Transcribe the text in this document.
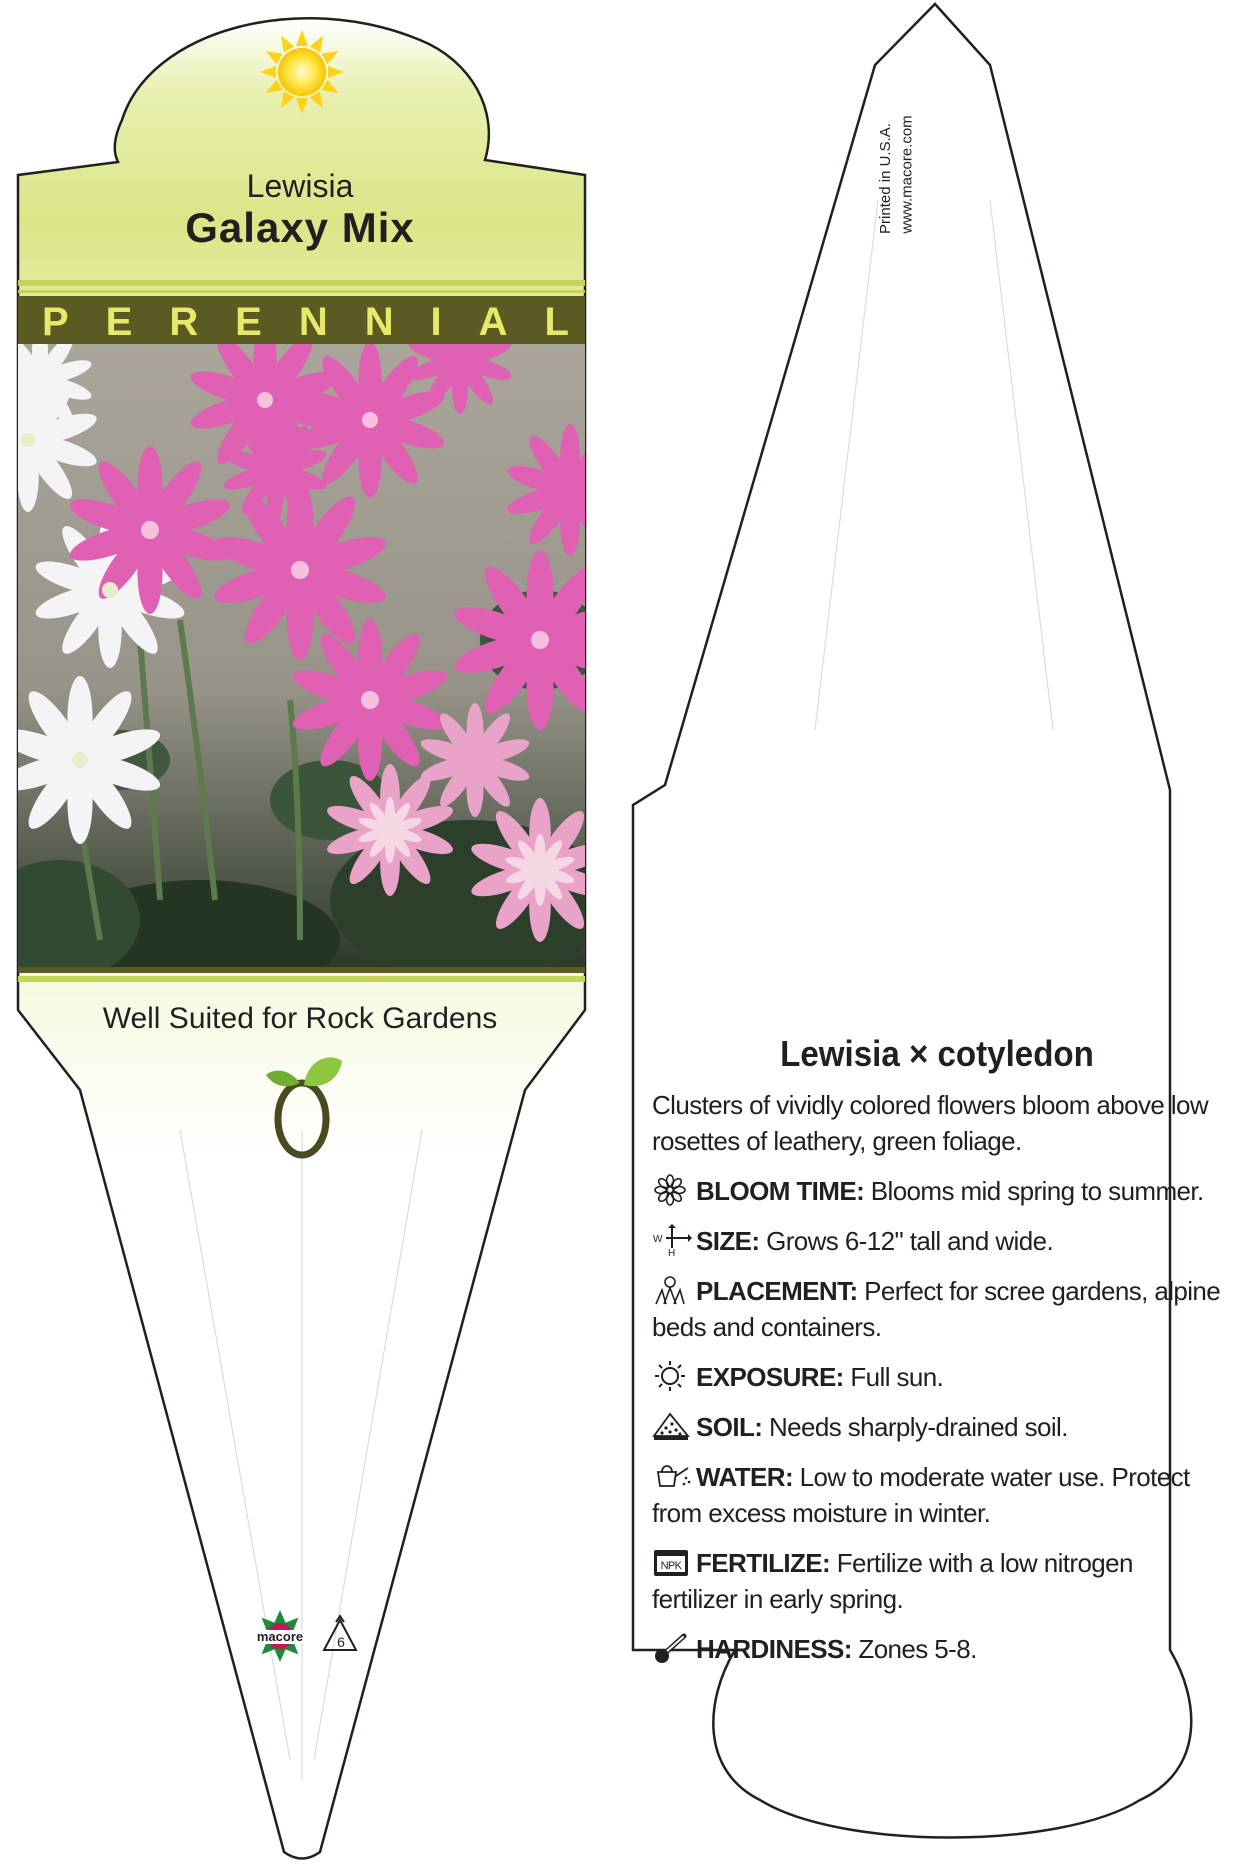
Lewisia
Galaxy Mix
P E R E N N I A L
Well Suited for Rock Gardens
macore	6
Printed in U.S.A. www.macore.com
Lewisia × cotyledon
Clusters of vividly colored flowers bloom above low rosettes of leathery, green foliage.
BLOOM TIME: Blooms mid spring to summer.
W
H SIZE: Grows 6-12" tall and wide.
PLACEMENT: Perfect for scree gardens, alpine beds and containers.
EXPOSURE: Full sun.
SOIL: Needs sharply-drained soil.
WATER: Low to moderate water use. Protect from excess moisture in winter.
NPK FERTILIZE: Fertilize with a low nitrogen fertilizer in early spring.
HARDINESS: Zones 5-8.
